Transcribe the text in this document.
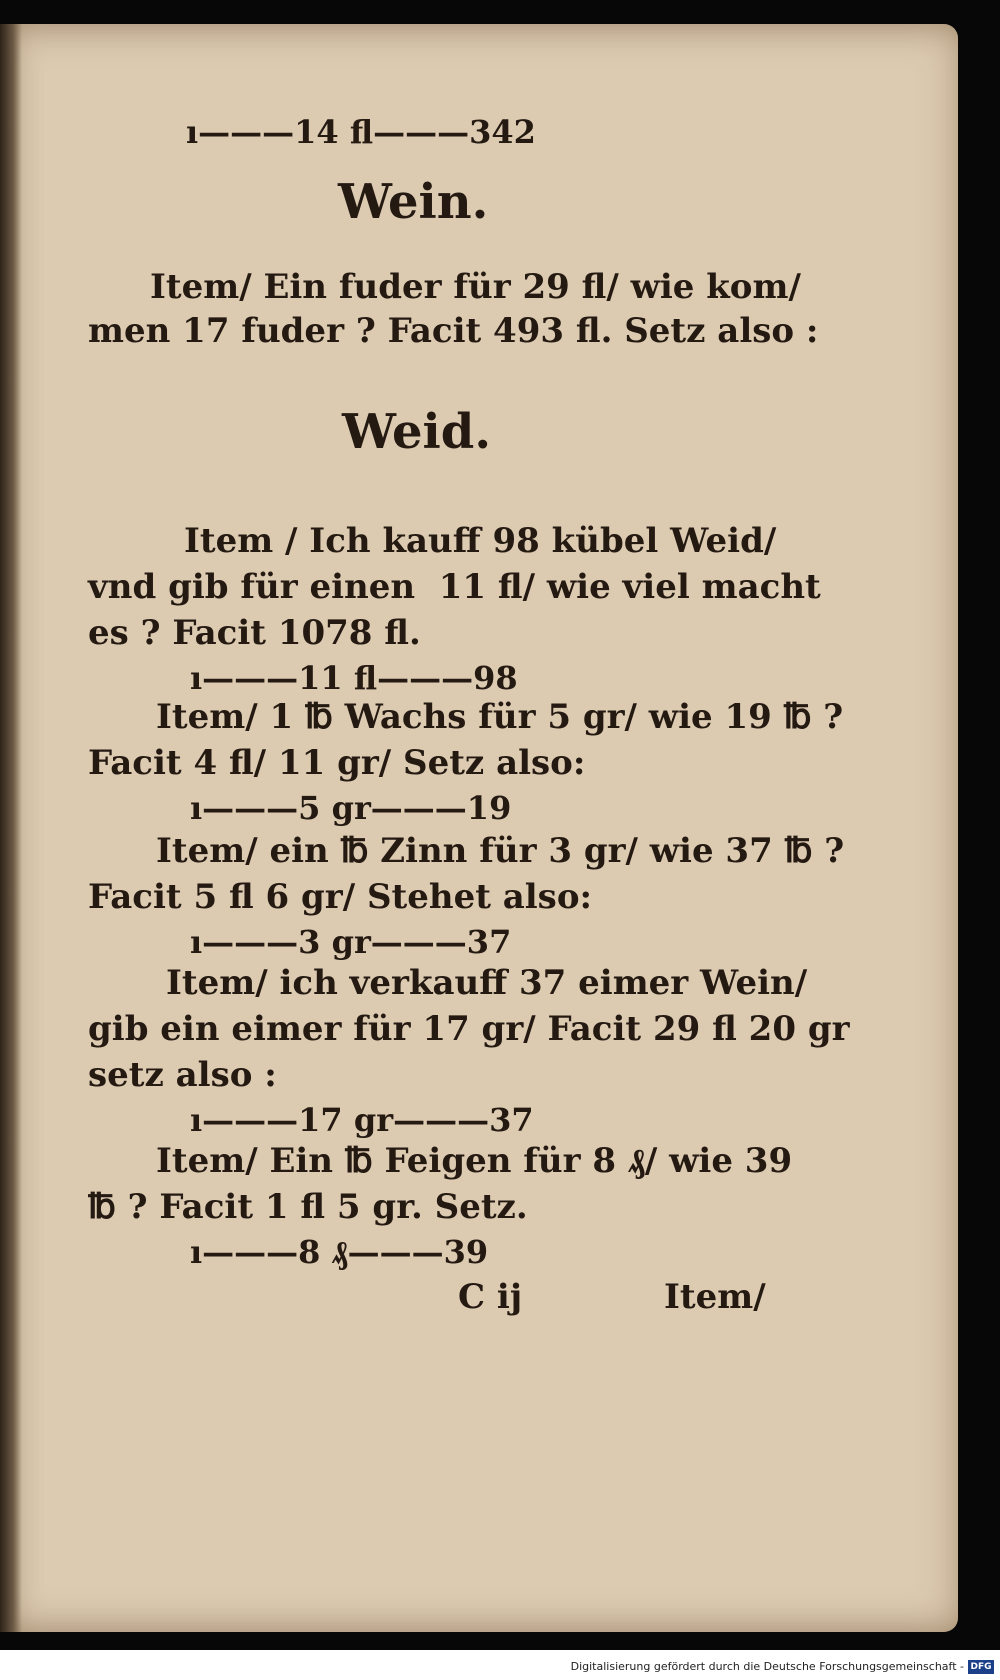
ı———14 fl———342
Wein.
Item/ Ein fuder für 29 fl/ wie kom/
men 17 fuder ? Facit 493 fl. Setz also :
Weid.
Item / Ich kauff 98 kübel Weid/
vnd gib für einen  11 fl/ wie viel macht
es ? Facit 1078 fl.
ı———11 fl———98
Item/ 1 ℔ Wachs für 5 gr/ wie 19 ℔ ?
Facit 4 fl/ 11 gr/ Setz also:
ı———5 gr———19
Item/ ein ℔ Zinn für 3 gr/ wie 37 ℔ ?
Facit 5 fl 6 gr/ Stehet also:
ı———3 gr———37
Item/ ich verkauff 37 eimer Wein/
gib ein eimer für 17 gr/ Facit 29 fl 20 gr
setz also :
ı———17 gr———37
Item/ Ein ℔ Feigen für 8 ₰/ wie 39
℔ ? Facit 1 fl 5 gr. Setz.
ı———8 ₰———39
C ij	Item/
Digitalisierung gefördert durch die Deutsche Forschungsgemeinschaft - DFG
